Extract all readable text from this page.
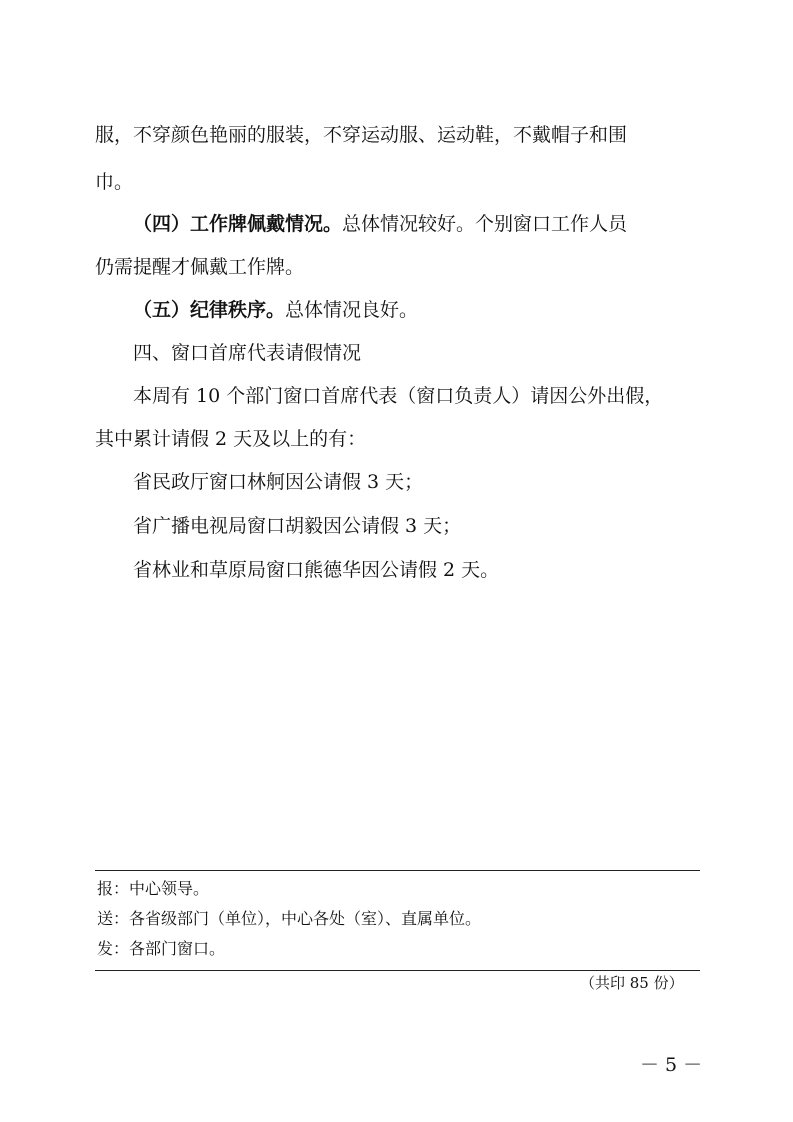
服，不穿颜色艳丽的服装，不穿运动服、运动鞋，不戴帽子和围
巾。
（四）工作牌佩戴情况。总体情况较好。个别窗口工作人员
仍需提醒才佩戴工作牌。
（五）纪律秩序。总体情况良好。
四、窗口首席代表请假情况
本周有 10 个部门窗口首席代表（窗口负责人）请因公外出假，
其中累计请假 2 天及以上的有：
省民政厅窗口林舸因公请假 3 天；
省广播电视局窗口胡毅因公请假 3 天；
省林业和草原局窗口熊德华因公请假 2 天。
报：中心领导。
送：各省级部门（单位），中心各处（室）、直属单位。
发：各部门窗口。
（共印 85 份）
－ 5 －
